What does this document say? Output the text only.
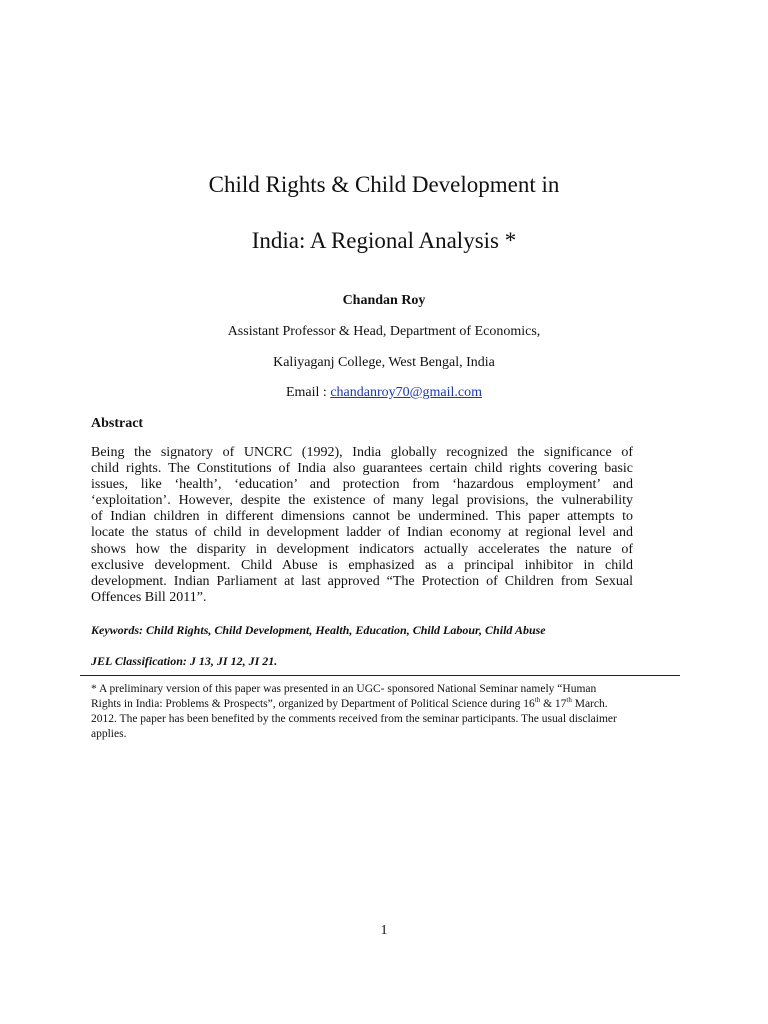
Child Rights & Child Development in
India: A Regional Analysis *
Chandan Roy
Assistant Professor & Head, Department of Economics,
Kaliyaganj College, West Bengal, India
Email : chandanroy70@gmail.com
Abstract
Being the signatory of UNCRC (1992), India globally recognized the significance of
child rights. The Constitutions of India also guarantees certain child rights covering basic
issues, like ‘health’, ‘education’ and protection from ‘hazardous employment’ and
‘exploitation’. However, despite the existence of many legal provisions, the vulnerability
of Indian children in different dimensions cannot be undermined. This paper attempts to
locate the status of child in development ladder of Indian economy at regional level and
shows how the disparity in development indicators actually accelerates the nature of
exclusive development. Child Abuse is emphasized as a principal inhibitor in child
development. Indian Parliament at last approved “The Protection of Children from Sexual
Offences Bill 2011”.
Keywords: Child Rights, Child Development, Health, Education, Child Labour, Child Abuse
JEL Classification: J 13, JI 12, JI 21.
* A preliminary version of this paper was presented in an UGC- sponsored National Seminar namely “Human
Rights in India: Problems & Prospects”, organized by Department of Political Science during 16th & 17th March.
2012. The paper has been benefited by the comments received from the seminar participants. The usual disclaimer
applies.
1
